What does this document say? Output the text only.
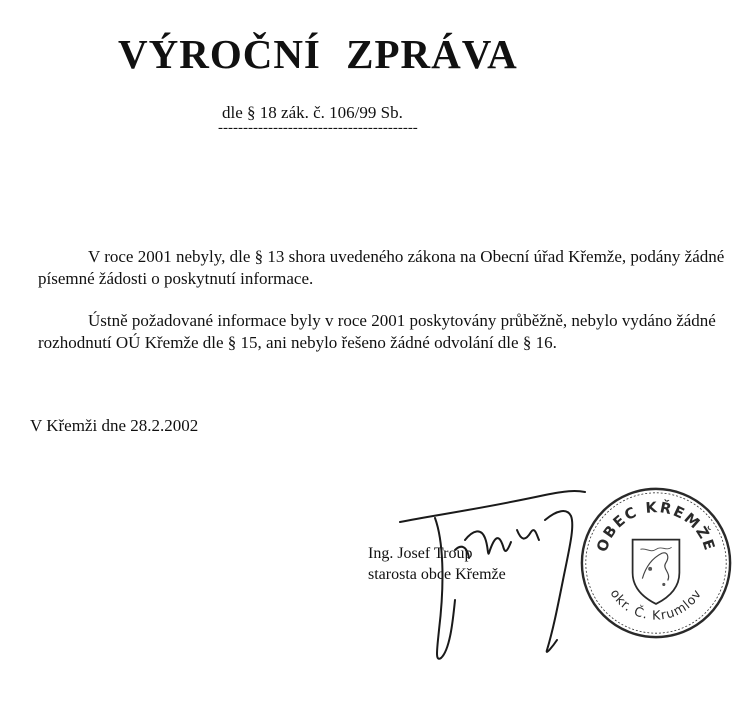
VÝROČNÍ ZPRÁVA
dle § 18 zák. č. 106/99 Sb.
----------------------------------------

V roce 2001 nebyly, dle § 13 shora uvedeného zákona na Obecní úřad Křemže, podány žádné písemné žádosti o poskytnutí informace.

Ústně požadované informace byly v roce 2001 poskytovány průběžně, nebylo vydáno žádné rozhodnutí OÚ Křemže dle § 15, ani nebylo řešeno žádné odvolání dle § 16.

V Křemži dne 28.2.2002
Ing. Josef Troup
starosta obce Křemže
OBEC KŘEMŽE
okr. Č. Krumlov
